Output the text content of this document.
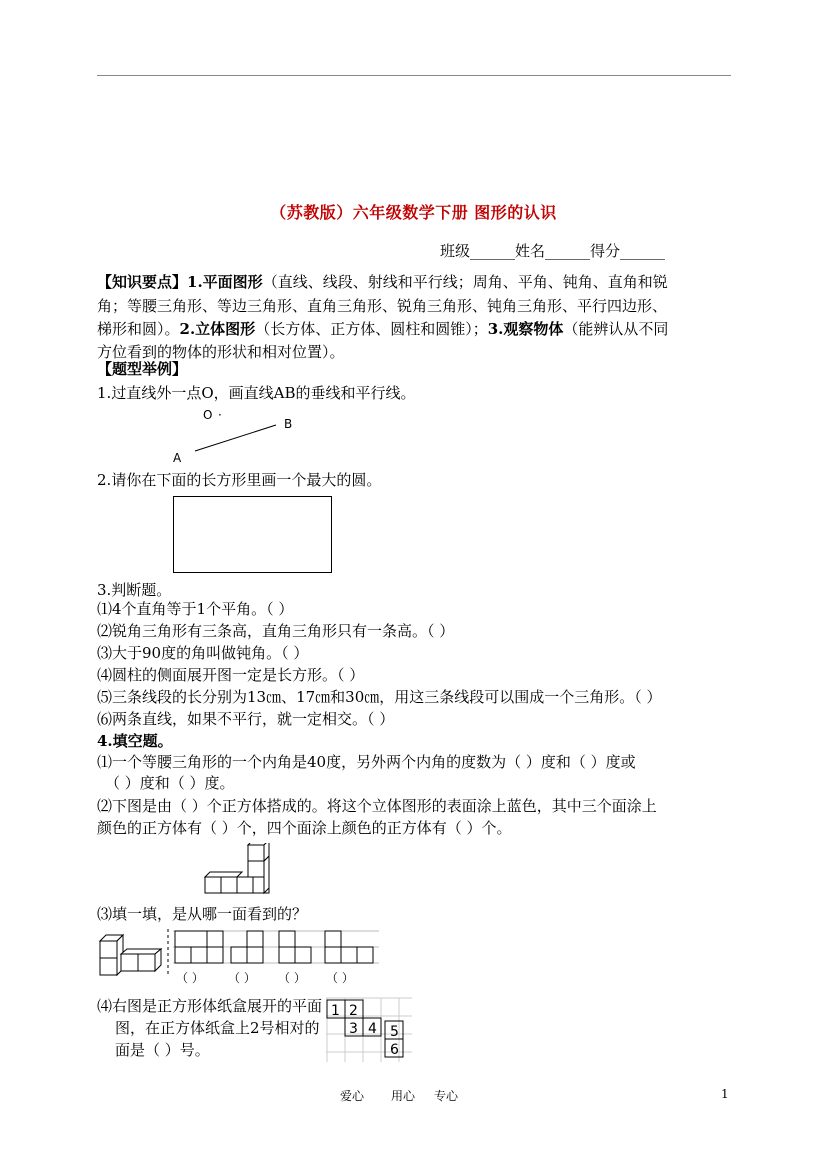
（苏教版）六年级数学下册 图形的认识
班级______姓名______得分______
【知识要点】1.平面图形（直线、线段、射线和平行线；周角、平角、钝角、直角和锐
角；等腰三角形、等边三角形、直角三角形、锐角三角形、钝角三角形、平行四边形、
梯形和圆）。2.立体图形（长方体、正方体、圆柱和圆锥）；3.观察物体（能辨认从不同
方位看到的物体的形状和相对位置）。
【题型举例】
1.过直线外一点O，画直线AB的垂线和平行线。
O ·
B
A
2.请你在下面的长方形里画一个最大的圆。
3.判断题。
⑴4个直角等于1个平角。（ ）
⑵锐角三角形有三条高，直角三角形只有一条高。（ ）
⑶大于90度的角叫做钝角。（ ）
⑷圆柱的侧面展开图一定是长方形。（ ）
⑸三条线段的长分别为13㎝、17㎝和30㎝，用这三条线段可以围成一个三角形。（ ）
⑹两条直线，如果不平行，就一定相交。（ ）
4.填空题。
⑴一个等腰三角形的一个内角是40度，另外两个内角的度数为（ ）度和（ ）度或
（ ）度和（ ）度。
⑵下图是由（ ）个正方体搭成的。将这个立体图形的表面涂上蓝色，其中三个面涂上
颜色的正方体有（ ）个，四个面涂上颜色的正方体有（ ）个。
⑶填一填，是从哪一面看到的？
（ ） （ ） （ ） （ ）
⑷右图是正方形体纸盒展开的平面
图，在正方体纸盒上2号相对的
面是（ ）号。
1 2
3 4 5
6
爱心 用心 专心	1
